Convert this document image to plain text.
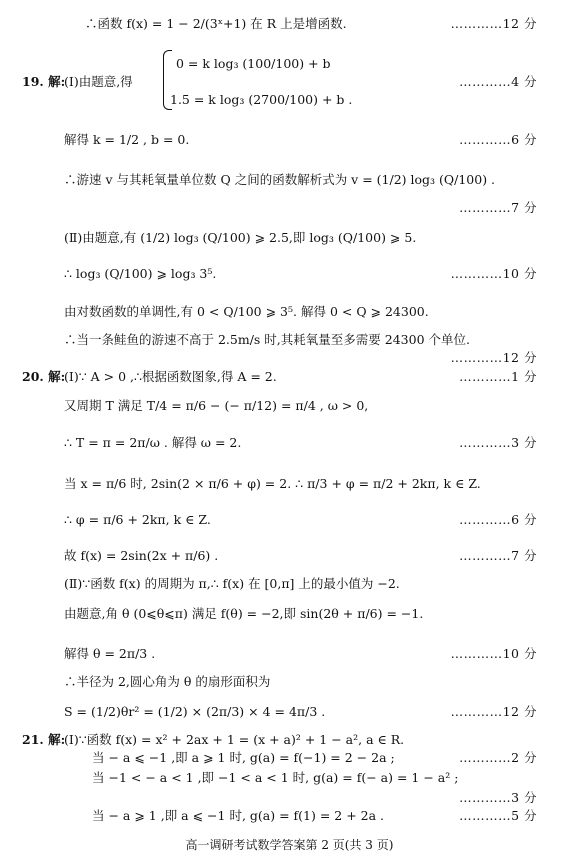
∴函数 f(x) = 1 − 2/(3ˣ+1) 在 R 上是增函数.	…………12 分
19. 解:
(Ⅰ)由题意,得
0 = k log₃ (100/100) + b
1.5 = k log₃ (2700/100) + b .
…………4 分
解得 k = 1/2 , b = 0.	…………6 分
∴游速 v 与其耗氧量单位数 Q 之间的函数解析式为 v = (1/2) log₃ (Q/100) .
…………7 分
(Ⅱ)由题意,有 (1/2) log₃ (Q/100) ⩾ 2.5,即 log₃ (Q/100) ⩾ 5.
∴ log₃ (Q/100) ⩾ log₃ 3⁵.	…………10 分
由对数函数的单调性,有 0 < Q/100 ⩾ 3⁵. 解得 0 < Q ⩾ 24300.
∴当一条鲑鱼的游速不高于 2.5m/s 时,其耗氧量至多需要 24300 个单位.
…………12 分
20. 解:
(Ⅰ)∵ A > 0 ,∴根据函数图象,得 A = 2.	…………1 分
又周期 T 满足 T/4 = π/6 − (− π/12) = π/4 , ω > 0,
∴ T = π = 2π/ω . 解得 ω = 2.	…………3 分
当 x = π/6 时, 2sin(2 × π/6 + φ) = 2. ∴ π/3 + φ = π/2 + 2kπ, k ∈ Z.
∴ φ = π/6 + 2kπ, k ∈ Z.	…………6 分
故 f(x) = 2sin(2x + π/6) .	…………7 分
(Ⅱ)∵函数 f(x) 的周期为 π,∴ f(x) 在 [0,π] 上的最小值为 −2.
由题意,角 θ (0⩽θ⩽π) 满足 f(θ) = −2,即 sin(2θ + π/6) = −1.
解得 θ = 2π/3 .	…………10 分
∴半径为 2,圆心角为 θ 的扇形面积为
S = (1/2)θr² = (1/2) × (2π/3) × 4 = 4π/3 .	…………12 分
21. 解:
(Ⅰ)∵函数 f(x) = x² + 2ax + 1 = (x + a)² + 1 − a², a ∈ R.
当 − a ⩽ −1 ,即 a ⩾ 1 时, g(a) = f(−1) = 2 − 2a ;	…………2 分
当 −1 < − a < 1 ,即 −1 < a < 1 时, g(a) = f(− a) = 1 − a² ;
…………3 分
当 − a ⩾ 1 ,即 a ⩽ −1 时, g(a) = f(1) = 2 + 2a .	…………5 分
高一调研考试数学答案第 2 页(共 3 页)
